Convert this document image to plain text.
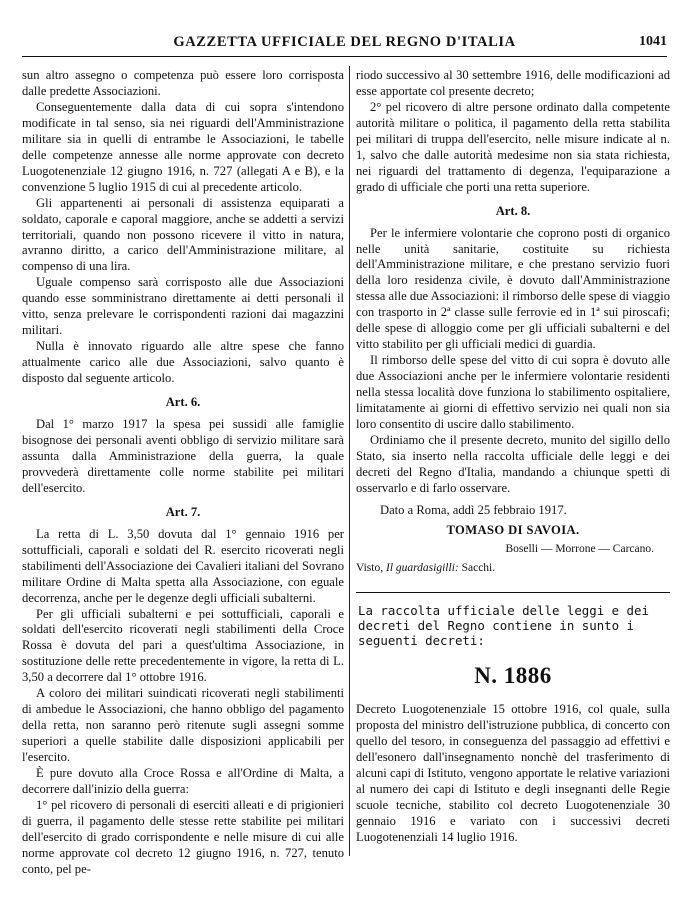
GAZZETTA UFFICIALE DEL REGNO D'ITALIA	1041

sun altro assegno o competenza può essere loro corrisposta dalle predette Associazioni.

Conseguentemente dalla data di cui sopra s'intendono modificate in tal senso, sia nei riguardi dell'Amministrazione militare sia in quelli di entrambe le Associazioni, le tabelle delle competenze annesse alle norme approvate con decreto Luogotenenziale 12 giugno 1916, n. 727 (allegati A e B), e la convenzione 5 luglio 1915 di cui al precedente articolo.

Gli appartenenti ai personali di assistenza equiparati a soldato, caporale e caporal maggiore, anche se addetti a servizi territoriali, quando non possono ricevere il vitto in natura, avranno diritto, a carico dell'Amministrazione militare, al compenso di una lira.

Uguale compenso sarà corrisposto alle due Associazioni quando esse somministrano direttamente ai detti personali il vitto, senza prelevare le corrispondenti razioni dai magazzini militari.

Nulla è innovato riguardo alle altre spese che fanno attualmente carico alle due Associazioni, salvo quanto è disposto dal seguente articolo.

Art. 6.

Dal 1° marzo 1917 la spesa pei sussidi alle famiglie bisognose dei personali aventi obbligo di servizio militare sarà assunta dalla Amministrazione della guerra, la quale provvederà direttamente colle norme stabilite pei militari dell'esercito.

Art. 7.

La retta di L. 3,50 dovuta dal 1° gennaio 1916 per sottufficiali, caporali e soldati del R. esercito ricoverati negli stabilimenti dell'Associazione dei Cavalieri italiani del Sovrano militare Ordine di Malta spetta alla Associazione, con eguale decorrenza, anche per le degenze degli ufficiali subalterni.

Per gli ufficiali subalterni e pei sottufficiali, caporali e soldati dell'esercito ricoverati negli stabilimenti della Croce Rossa è dovuta del pari a quest'ultima Associazione, in sostituzione delle rette precedentemente in vigore, la retta di L. 3,50 a decorrere dal 1° ottobre 1916.

A coloro dei militari suindicati ricoverati negli stabilimenti di ambedue le Associazioni, che hanno obbligo del pagamento della retta, non saranno però ritenute sugli assegni somme superiori a quelle stabilite dalle disposizioni applicabili per l'esercito.

È pure dovuto alla Croce Rossa e all'Ordine di Malta, a decorrere dall'inizio della guerra:

1° pel ricovero di personali di eserciti alleati e di prigionieri di guerra, il pagamento delle stesse rette stabilite pei militari dell'esercito di grado corrispondente e nelle misure di cui alle norme approvate col decreto 12 giugno 1916, n. 727, tenuto conto, pel pe-

riodo successivo al 30 settembre 1916, delle modificazioni ad esse apportate col presente decreto;

2° pel ricovero di altre persone ordinato dalla competente autorità militare o politica, il pagamento della retta stabilita pei militari di truppa dell'esercito, nelle misure indicate al n. 1, salvo che dalle autorità medesime non sia stata richiesta, nei riguardi del trattamento di degenza, l'equiparazione a grado di ufficiale che porti una retta superiore.

Art. 8.

Per le infermiere volontarie che coprono posti di organico nelle unità sanitarie, costituite su richiesta dell'Amministrazione militare, e che prestano servizio fuori della loro residenza civile, è dovuto dall'Amministrazione stessa alle due Associazioni: il rimborso delle spese di viaggio con trasporto in 2ª classe sulle ferrovie ed in 1ª sui piroscafi; delle spese di alloggio come per gli ufficiali subalterni e del vitto stabilito per gli ufficiali medici di guardia.

Il rimborso delle spese del vitto di cui sopra è dovuto alle due Associazioni anche per le infermiere volontarie residenti nella stessa località dove funziona lo stabilimento ospitaliere, limitatamente ai giorni di effettivo servizio nei quali non sia loro consentito di uscire dallo stabilimento.

Ordiniamo che il presente decreto, munito del sigillo dello Stato, sia inserto nella raccolta ufficiale delle leggi e dei decreti del Regno d'Italia, mandando a chiunque spetti di osservarlo e di farlo osservare.

Dato a Roma, addì 25 febbraio 1917.

TOMASO DI SAVOIA.

Boselli — Morrone — Carcano.

Visto, Il guardasigilli: Sacchi.

La raccolta ufficiale delle leggi e dei decreti del Regno contiene in sunto i seguenti decreti:

N. 1886

Decreto Luogotenenziale 15 ottobre 1916, col quale, sulla proposta del ministro dell'istruzione pubblica, di concerto con quello del tesoro, in conseguenza del passaggio ad effettivi e dell'esonero dall'insegnamento nonchè del trasferimento di alcuni capi di Istituto, vengono apportate le relative variazioni al numero dei capi di Istituto e degli insegnanti delle Regie scuole tecniche, stabilito col decreto Luogotenenziale 30 gennaio 1916 e variato con i successivi decreti Luogotenenziali 14 luglio 1916.
